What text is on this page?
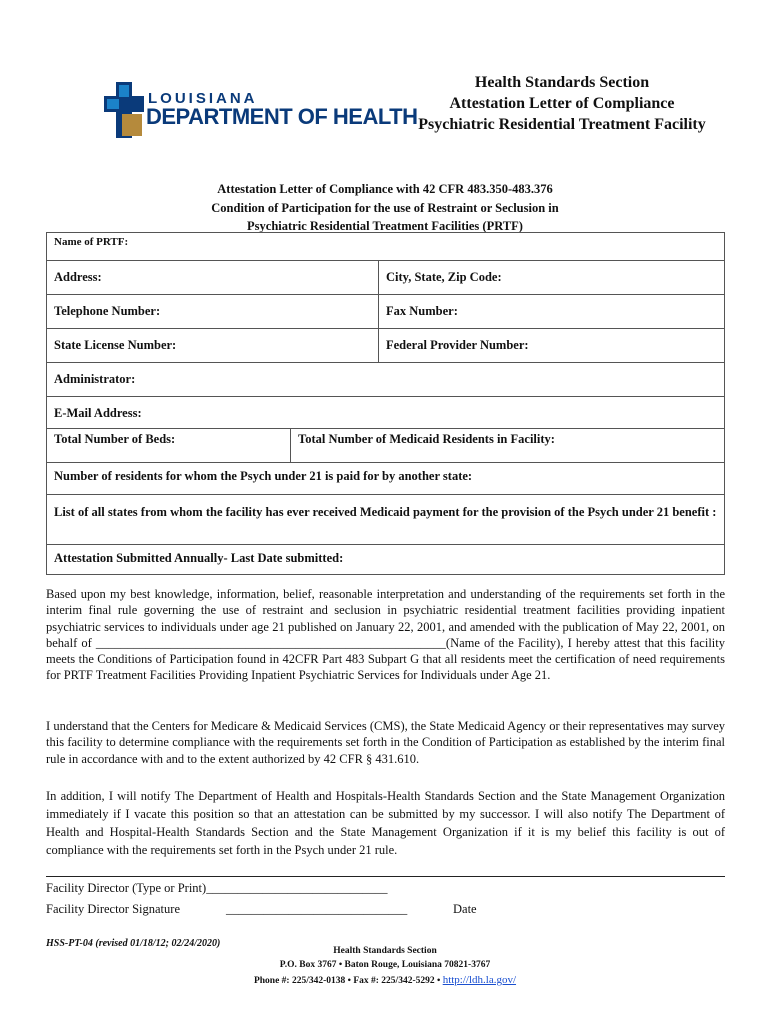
LOUISIANA
DEPARTMENT OF HEALTH
Health Standards Section
Attestation Letter of Compliance
Psychiatric Residential Treatment Facility
Attestation Letter of Compliance with 42 CFR 483.350-483.376
Condition of Participation for the use of Restraint or Seclusion in
Psychiatric Residential Treatment Facilities (PRTF)
Name of PRTF:		
Address:		City, State, Zip Code:
Telephone Number:		Fax Number:
State License Number:		Federal Provider Number:
Administrator:		
E-Mail Address:		
Total Number of Beds:	Total Number of Medicaid Residents in Facility:	
Number of residents for whom the Psych under 21 is paid for by another state:		
List of all states from whom the facility has ever received Medicaid payment for the provision of the Psych under 21 benefit :		
Attestation Submitted Annually- Last Date submitted:		
Based upon my best knowledge, information, belief, reasonable interpretation and understanding of the requirements set forth in the interim final rule governing the use of restraint and seclusion in psychiatric residential treatment facilities providing inpatient psychiatric services to individuals under age 21 published on January 22, 2001, and amended with the publication of May 22, 2001, on behalf of ________________________________________________________(Name of the Facility), I hereby attest that this facility meets the Conditions of Participation found in 42CFR Part 483 Subpart G that all residents meet the certification of need requirements for PRTF Treatment Facilities Providing Inpatient Psychiatric Services for Individuals under Age 21.
I understand that the Centers for Medicare & Medicaid Services (CMS), the State Medicaid Agency or their representatives may survey this facility to determine compliance with the requirements set forth in the Condition of Participation as established by the interim final rule in accordance with and to the extent authorized by 42 CFR § 431.610.
In addition, I will notify The Department of Health and Hospitals-Health Standards Section and the State Management Organization immediately if I vacate this position so that an attestation can be submitted by my successor. I will also notify The Department of Health and Hospital-Health Standards Section and the State Management Organization if it is my belief this facility is out of compliance with the requirements set forth in the Psych under 21 rule.
Facility Director (Type or Print)_____________________________
Facility Director Signature	_____________________________	Date
HSS-PT-04 (revised 01/18/12; 02/24/2020)
Health Standards Section
P.O. Box 3767 • Baton Rouge, Louisiana 70821-3767
Phone #: 225/342-0138 • Fax #: 225/342-5292 • http://ldh.la.gov/
